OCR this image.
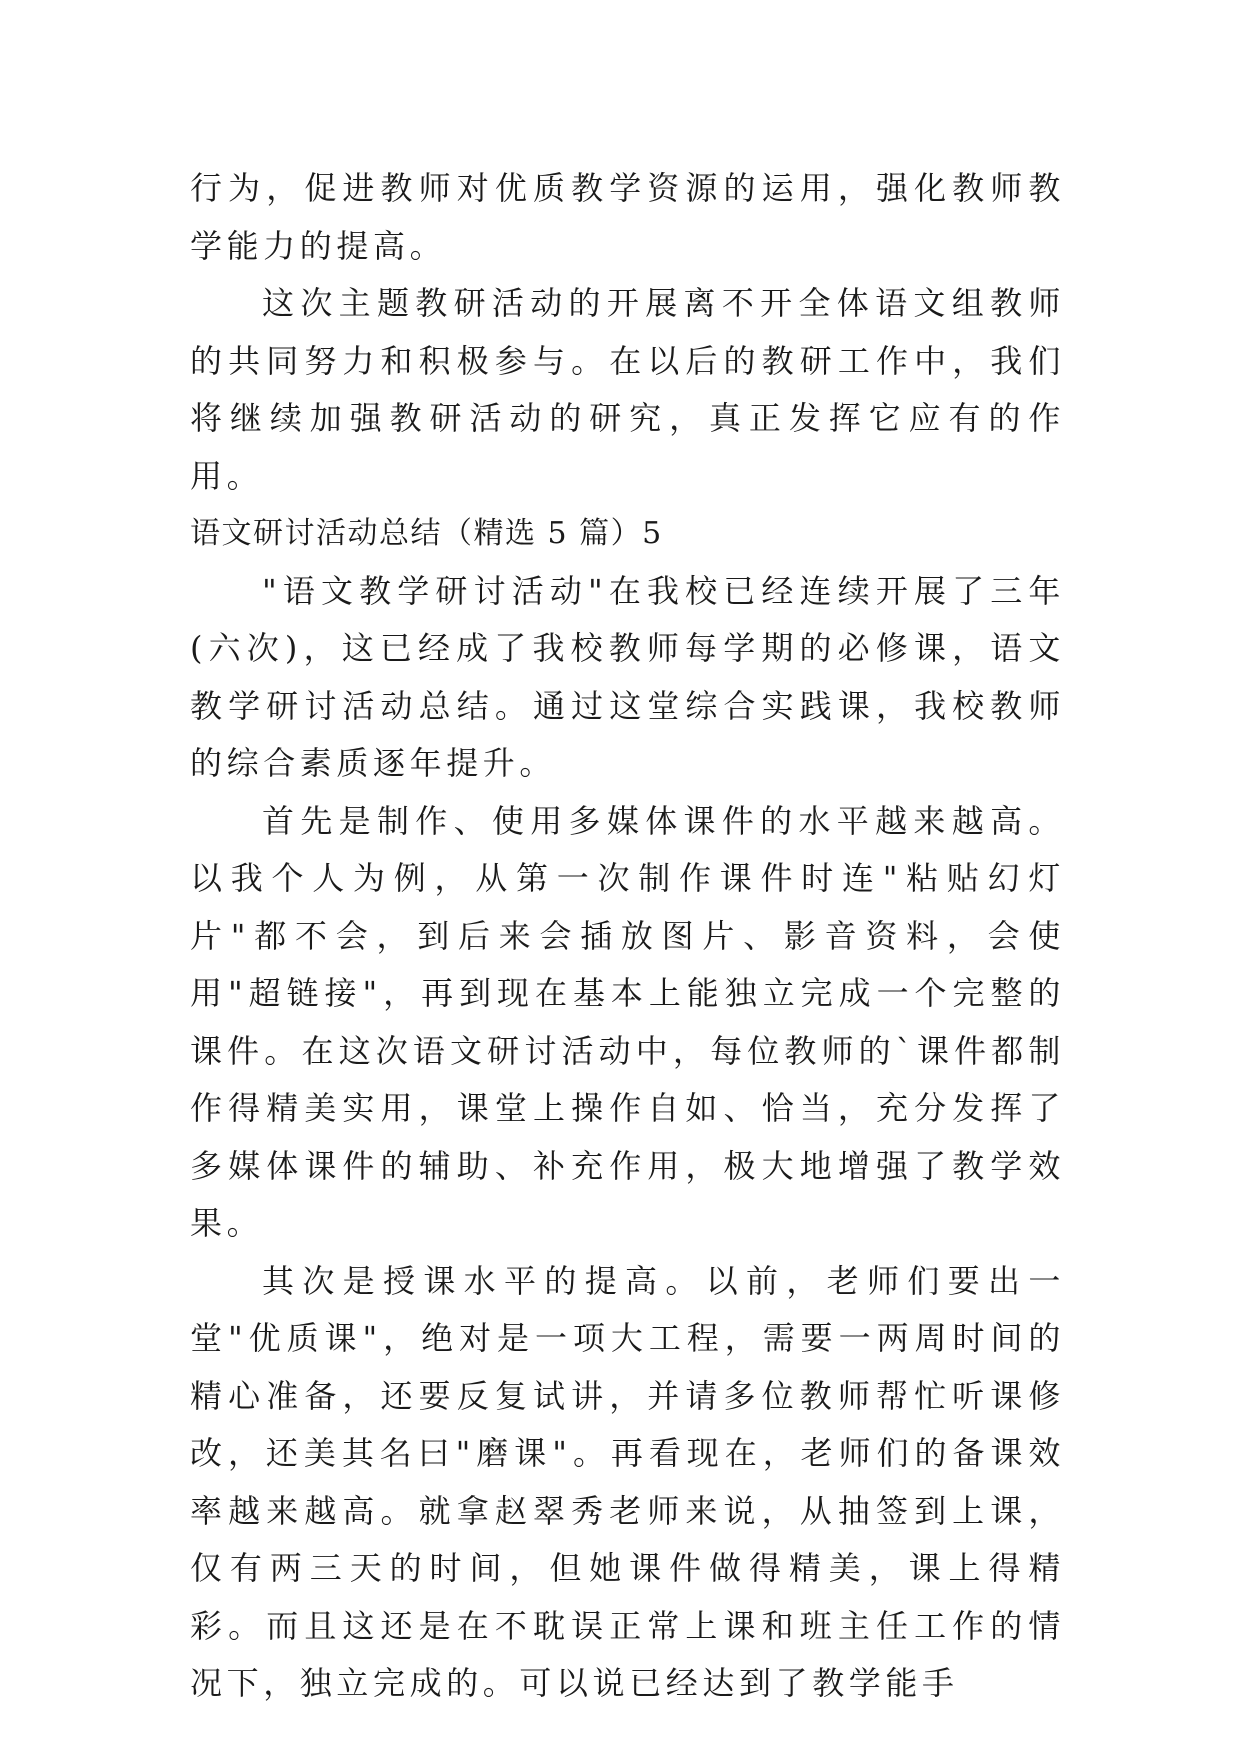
行为，促进教师对优质教学资源的运用，强化教师教学能力的提高。

这次主题教研活动的开展离不开全体语文组教师的共同努力和积极参与。在以后的教研工作中，我们将继续加强教研活动的研究，真正发挥它应有的作用。

语文研讨活动总结（精选 5 篇）5

"语文教学研讨活动"在我校已经连续开展了三年(六次)，这已经成了我校教师每学期的必修课，语文教学研讨活动总结。通过这堂综合实践课，我校教师的综合素质逐年提升。

首先是制作、使用多媒体课件的水平越来越高。以我个人为例，从第一次制作课件时连"粘贴幻灯片"都不会，到后来会插放图片、影音资料，会使用"超链接"，再到现在基本上能独立完成一个完整的课件。在这次语文研讨活动中，每位教师的`课件都制作得精美实用，课堂上操作自如、恰当，充分发挥了多媒体课件的辅助、补充作用，极大地增强了教学效果。

其次是授课水平的提高。以前，老师们要出一堂"优质课"，绝对是一项大工程，需要一两周时间的精心准备，还要反复试讲，并请多位教师帮忙听课修改，还美其名曰"磨课"。再看现在，老师们的备课效率越来越高。就拿赵翠秀老师来说，从抽签到上课，仅有两三天的时间，但她课件做得精美，课上得精彩。而且这还是在不耽误正常上课和班主任工作的情况下，独立完成的。可以说已经达到了教学能手
